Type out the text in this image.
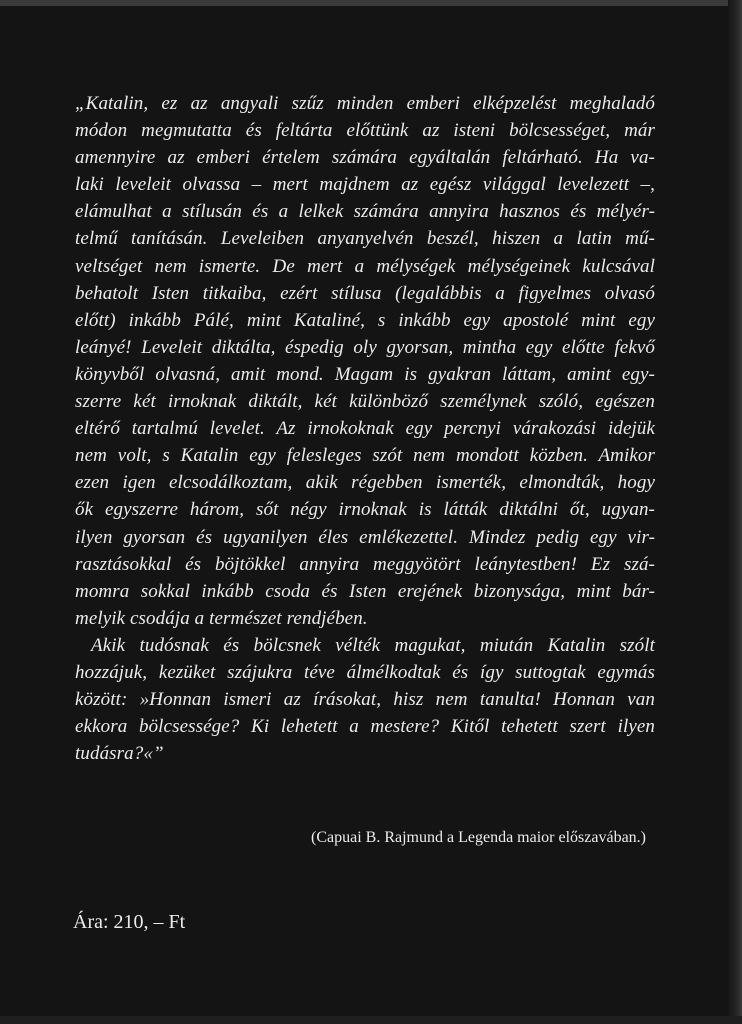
„Katalin, ez az angyali szűz minden emberi elképzelést meghaladó
módon megmutatta és feltárta előttünk az isteni bölcsességet, már
amennyire az emberi értelem számára egyáltalán feltárható. Ha va-
laki leveleit olvassa – mert majdnem az egész világgal levelezett –,
elámulhat a stílusán és a lelkek számára annyira hasznos és mélyér-
telmű tanításán. Leveleiben anyanyelvén beszél, hiszen a latin mű-
veltséget nem ismerte. De mert a mélységek mélységeinek kulcsával
behatolt Isten titkaiba, ezért stílusa (legalábbis a figyelmes olvasó
előtt) inkább Pálé, mint Kataliné, s inkább egy apostolé mint egy
leányé! Leveleit diktálta, éspedig oly gyorsan, mintha egy előtte fekvő
könyvből olvasná, amit mond. Magam is gyakran láttam, amint egy-
szerre két irnoknak diktált, két különböző személynek szóló, egészen
eltérő tartalmú levelet. Az irnokoknak egy percnyi várakozási idejük
nem volt, s Katalin egy felesleges szót nem mondott közben. Amikor
ezen igen elcsodálkoztam, akik régebben ismerték, elmondták, hogy
ők egyszerre három, sőt négy irnoknak is látták diktálni őt, ugyan-
ilyen gyorsan és ugyanilyen éles emlékezettel. Mindez pedig egy vir-
rasztásokkal és böjtökkel annyira meggyötört leánytestben! Ez szá-
momra sokkal inkább csoda és Isten erejének bizonysága, mint bár-
melyik csodája a természet rendjében.
Akik tudósnak és bölcsnek vélték magukat, miután Katalin szólt
hozzájuk, kezüket szájukra téve álmélkodtak és így suttogtak egymás
között: »Honnan ismeri az írásokat, hisz nem tanulta! Honnan van
ekkora bölcsessége? Ki lehetett a mestere? Kitől tehetett szert ilyen
tudásra?«”

(Capuai B. Rajmund a Legenda maior előszavában.)
Ára: 210, – Ft
